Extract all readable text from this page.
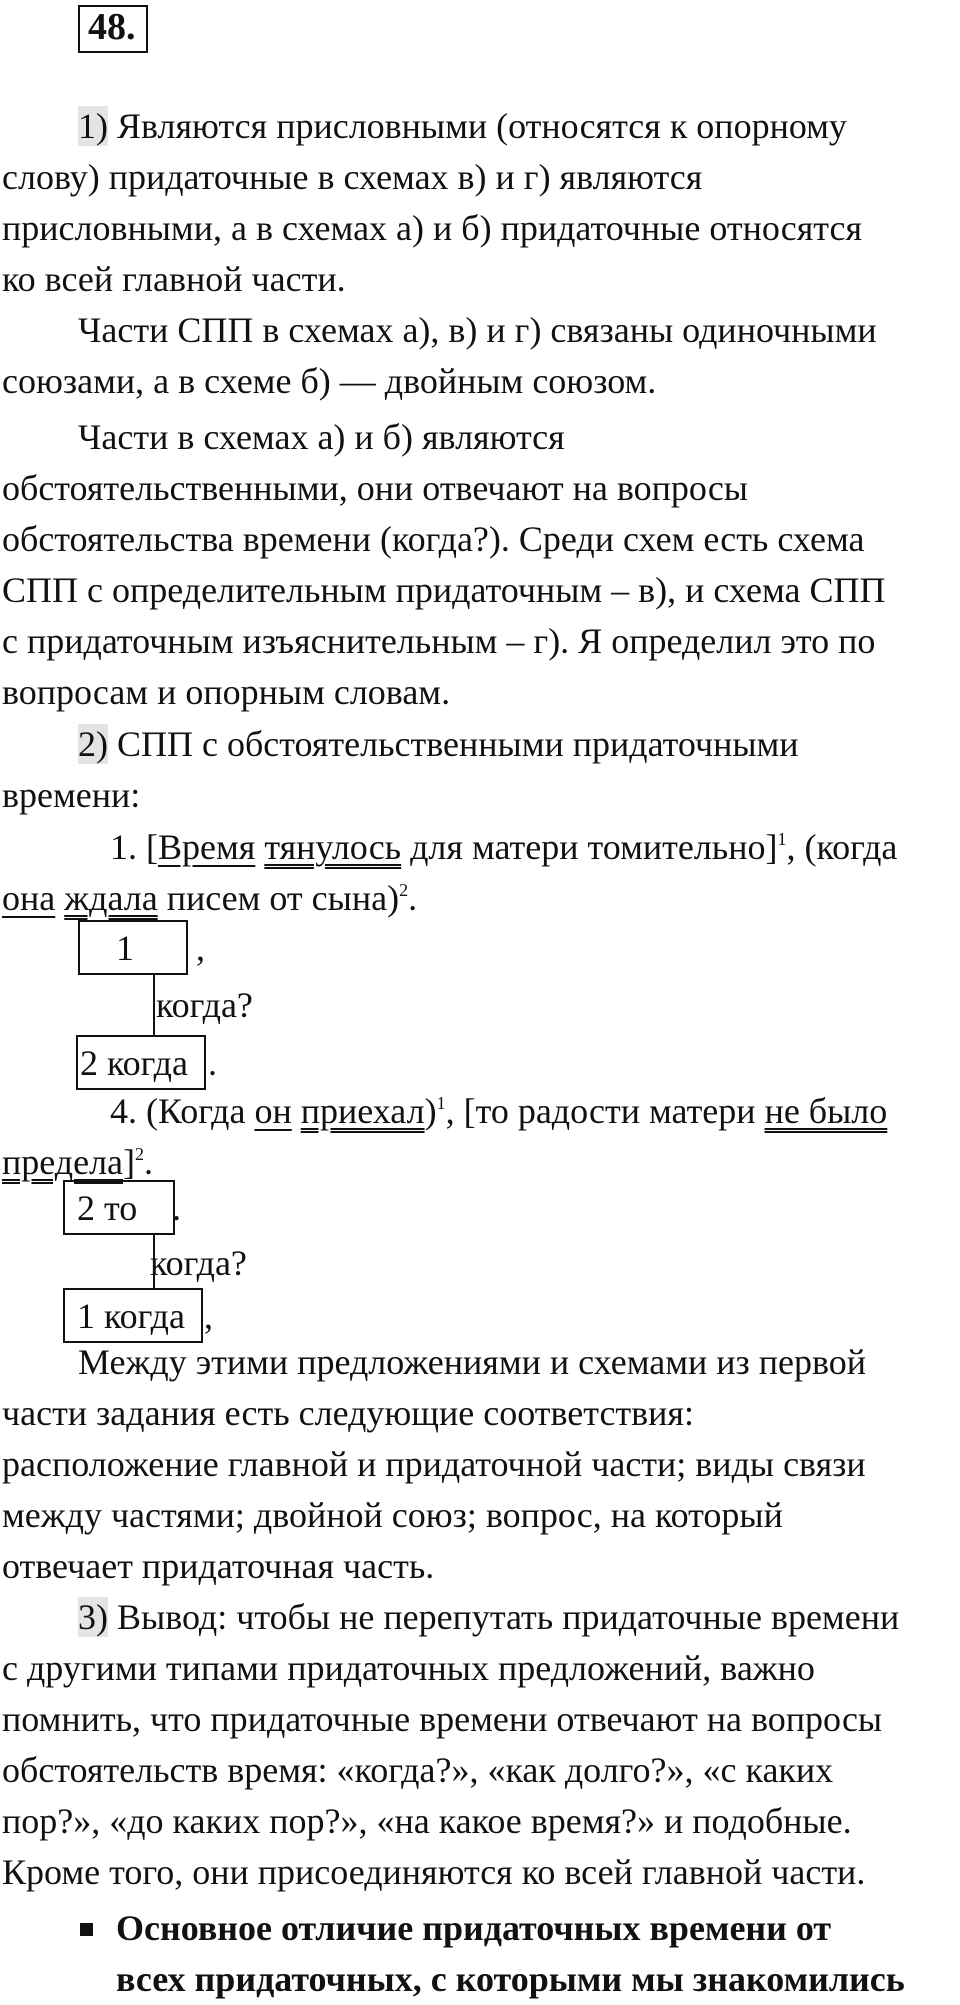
48.
1) Являются присловными (относятся к опорному
слову) придаточные в схемах в) и г) являются
присловными, а в схемах а) и б) придаточные относятся
ко всей главной части.
Части СПП в схемах а), в) и г) связаны одиночными
союзами, а в схеме б) — двойным союзом.
Части в схемах а) и б) являются
обстоятельственными, они отвечают на вопросы
обстоятельства времени (когда?). Среди схем есть схема
СПП с определительным придаточным – в), и схема СПП
с придаточным изъяснительным – г). Я определил это по
вопросам и опорным словам.
2) СПП с обстоятельственными придаточными
времени:
1. [Время тянулось для матери томительно]$^1$, (когда
она ждала писем от сына)$^2$.
1 ,
когда?
2 когда .
4. (Когда он приехал)$^1$, [то радости матери не было
предела]$^2$.
2 то .
когда?
1 когда ,
Между этими предложениями и схемами из первой
части задания есть следующие соответствия:
расположение главной и придаточной части; виды связи
между частями; двойной союз; вопрос, на который
отвечает придаточная часть.
3) Вывод: чтобы не перепутать придаточные времени
с другими типами придаточных предложений, важно
помнить, что придаточные времени отвечают на вопросы
обстоятельств время: «когда?», «как долго?», «с каких
пор?», «до каких пор?», «на какое время?» и подобные.
Кроме того, они присоединяются ко всей главной части.
Основное отличие придаточных времени от
всех придаточных, с которыми мы знакомились
